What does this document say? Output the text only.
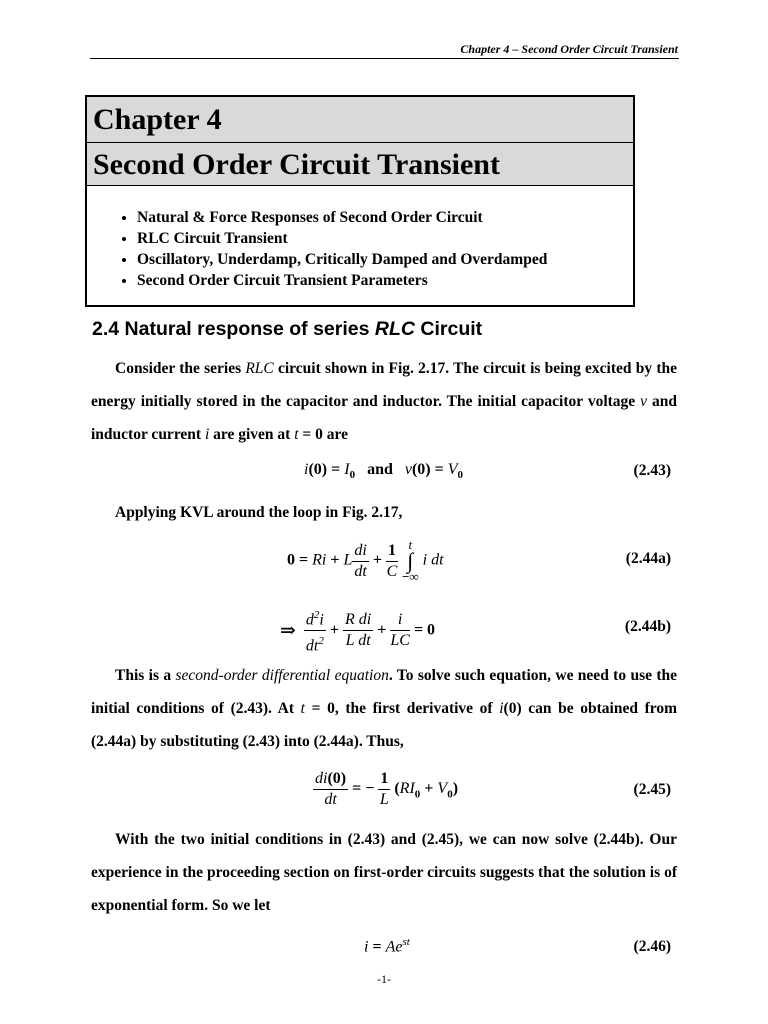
Chapter 4 – Second Order Circuit Transient
Chapter 4
Second Order Circuit Transient
• Natural & Force Responses of Second Order Circuit
• RLC Circuit Transient
• Oscillatory, Underdamp, Critically Damped and Overdamped
• Second Order Circuit Transient Parameters
2.4 Natural response of series RLC Circuit
Consider the series RLC circuit shown in Fig. 2.17. The circuit is being excited by the energy initially stored in the capacitor and inductor. The initial capacitor voltage v and inductor current i are given at t = 0 are
$i(0) = I_0$ and $v(0) = V_0$	(2.43)
Applying KVL around the loop in Fig. 2.17,
0 = Ri + L $\frac{di}{dt} + \frac{1}{C}$
t
∫
−∞
i dt	(2.44a)
⇒ $\frac{d^2i}{dt^2} + \frac{\text{R di}}{\text{L dt}} + \frac{i}{LC} = 0$	(2.44b)
This is a second-order differential equation. To solve such equation, we need to use the initial conditions of (2.43). At t = 0, the first derivative of i(0) can be obtained from (2.44a) by substituting (2.43) into (2.44a). Thus,
$\frac{di(0)}{dt}$ = − $\frac{1}{L} (RI_0 + V_0)$	(2.45)
With the two initial conditions in (2.43) and (2.45), we can now solve (2.44b). Our experience in the proceeding section on first-order circuits suggests that the solution is of exponential form. So we let
$i = Ae^{st}$	(2.46)
-1-
